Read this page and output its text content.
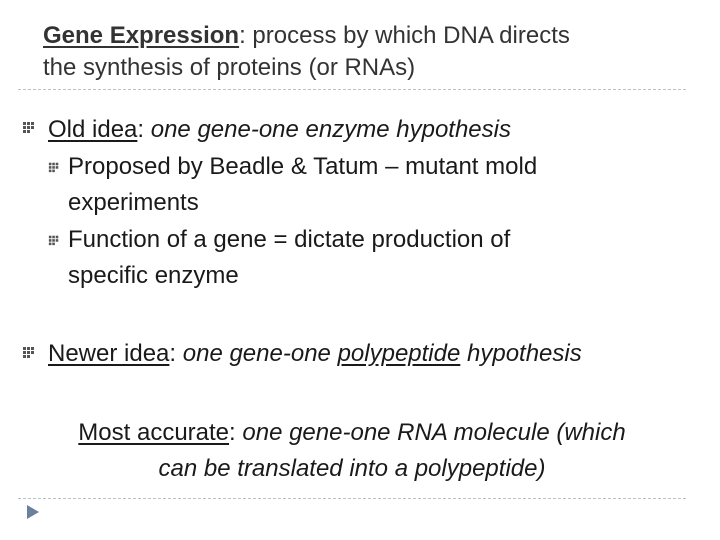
Gene Expression: process by which DNA directs
the synthesis of proteins (or RNAs)
Old idea: one gene-one enzyme hypothesis
Proposed by Beadle & Tatum – mutant mold
experiments
Function of a gene = dictate production of
specific enzyme
Newer idea: one gene-one polypeptide hypothesis
Most accurate: one gene-one RNA molecule (which
can be translated into a polypeptide)
